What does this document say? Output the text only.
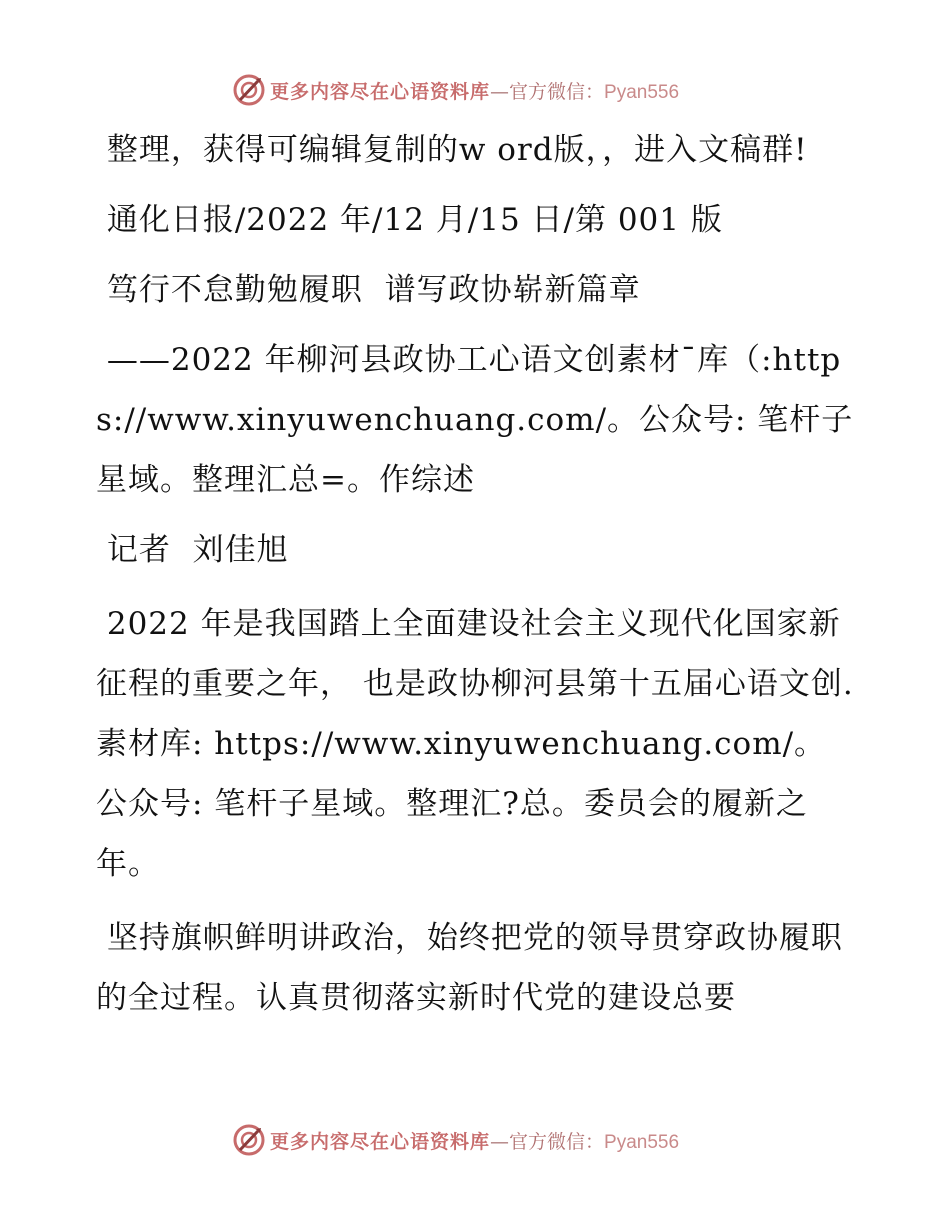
更多内容尽在心语资料库—官方微信：Pyan556

整理，获得可编辑复制的w ord版，，进入文稿群!

通化日报/2022 年/12 月/15 日/第 001 版

笃行不怠勤勉履职  谱写政协崭新篇章

——2022 年柳河县政协工心语文创素材¯库（:https://www.xinyuwenchuang.com/。公众号: 笔杆子星域。整理汇总=。作综述

记者  刘佳旭

2022 年是我国踏上全面建设社会主义现代化国家新征程的重要之年， 也是政协柳河县第十五届心语文创.素材库: https://www.xinyuwenchuang.com/。公众号: 笔杆子星域。整理汇?总。委员会的履新之年。

坚持旗帜鲜明讲政治，始终把党的领导贯穿政协履职的全过程。认真贯彻落实新时代党的建设总要

更多内容尽在心语资料库—官方微信：Pyan556
